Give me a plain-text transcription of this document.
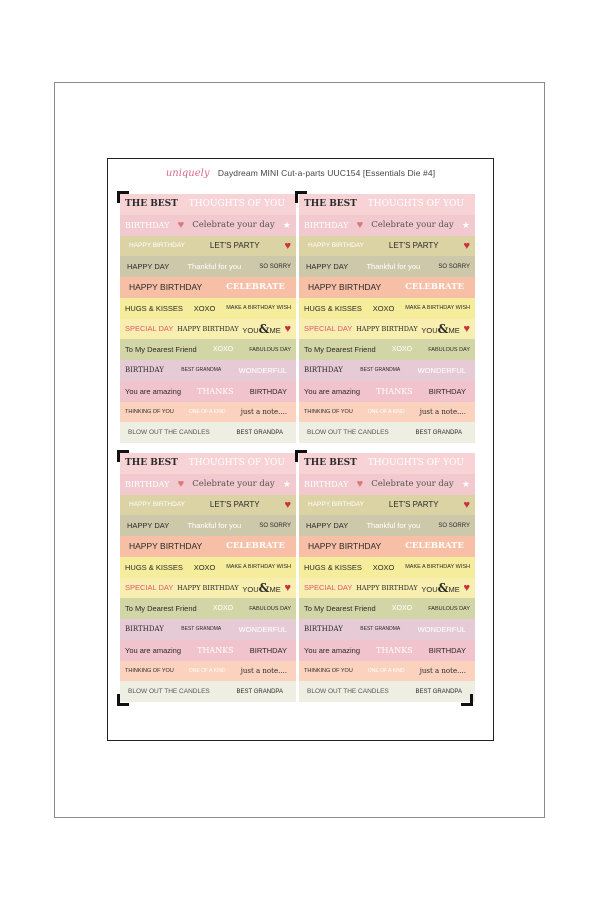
uniquely Daydream MINI Cut-a-parts UUC154 [Essentials Die #4]
THE BEST THOUGHTS OF YOU
BIRTHDAY ♥ Celebrate your day ★
HAPPY BIRTHDAY	LET'S PARTY ♥
HAPPY DAY Thankful for you	SO SORRY
HAPPY BIRTHDAY	CELEBRATE
HUGS & KISSES XOXO MAKE A BIRTHDAY WISH
SPECIAL DAY HAPPY BIRTHDAY YOU&ME ♥
To My Dearest Friend XOXO	FABULOUS DAY
BIRTHDAY	BEST GRANDMA WONDERFUL
You are amazing THANKS BIRTHDAY
THINKING OF YOU	ONE OF A KIND just a note....
BLOW OUT THE CANDLES	BEST GRANDPA
THE BEST THOUGHTS OF YOU
BIRTHDAY ♥ Celebrate your day ★
HAPPY BIRTHDAY	LET'S PARTY ♥
HAPPY DAY Thankful for you	SO SORRY
HAPPY BIRTHDAY	CELEBRATE
HUGS & KISSES XOXO MAKE A BIRTHDAY WISH
SPECIAL DAY HAPPY BIRTHDAY YOU&ME ♥
To My Dearest Friend XOXO	FABULOUS DAY
BIRTHDAY	BEST GRANDMA WONDERFUL
You are amazing THANKS BIRTHDAY
THINKING OF YOU	ONE OF A KIND just a note....
BLOW OUT THE CANDLES	BEST GRANDPA
THE BEST THOUGHTS OF YOU
BIRTHDAY ♥ Celebrate your day ★
HAPPY BIRTHDAY	LET'S PARTY ♥
HAPPY DAY Thankful for you	SO SORRY
HAPPY BIRTHDAY	CELEBRATE
HUGS & KISSES XOXO MAKE A BIRTHDAY WISH
SPECIAL DAY HAPPY BIRTHDAY YOU&ME ♥
To My Dearest Friend XOXO	FABULOUS DAY
BIRTHDAY	BEST GRANDMA WONDERFUL
You are amazing THANKS BIRTHDAY
THINKING OF YOU	ONE OF A KIND just a note....
BLOW OUT THE CANDLES	BEST GRANDPA
THE BEST THOUGHTS OF YOU
BIRTHDAY ♥ Celebrate your day ★
HAPPY BIRTHDAY	LET'S PARTY ♥
HAPPY DAY Thankful for you	SO SORRY
HAPPY BIRTHDAY	CELEBRATE
HUGS & KISSES XOXO MAKE A BIRTHDAY WISH
SPECIAL DAY HAPPY BIRTHDAY YOU&ME ♥
To My Dearest Friend XOXO	FABULOUS DAY
BIRTHDAY	BEST GRANDMA WONDERFUL
You are amazing THANKS BIRTHDAY
THINKING OF YOU	ONE OF A KIND just a note....
BLOW OUT THE CANDLES	BEST GRANDPA
